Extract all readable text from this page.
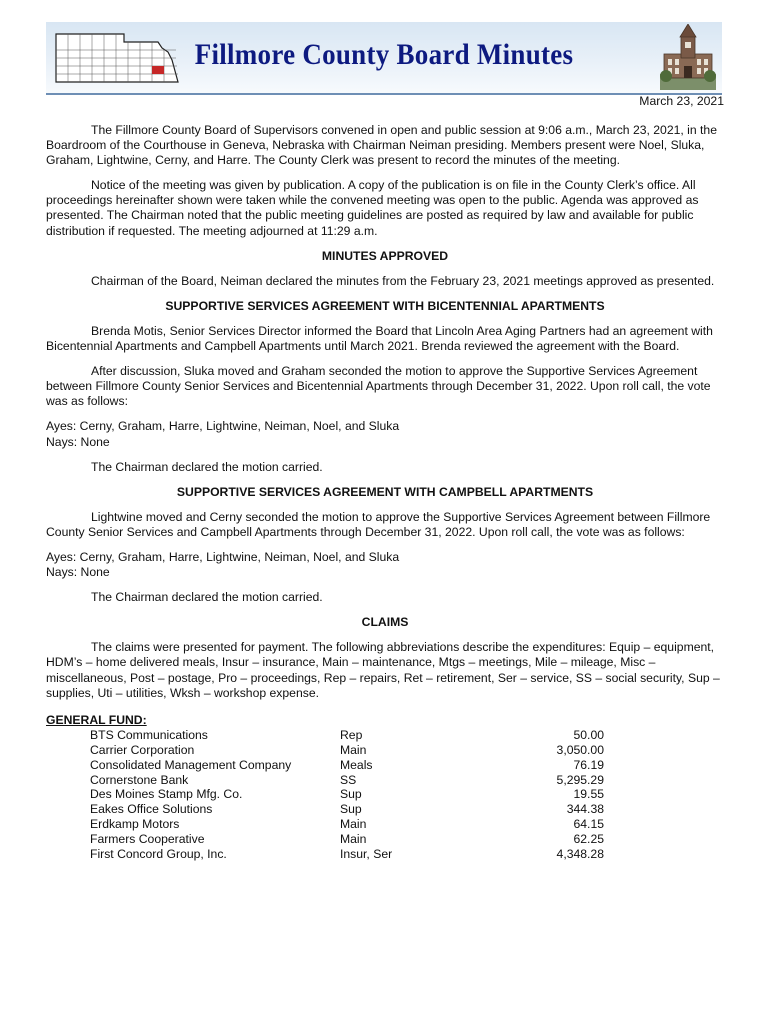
Fillmore County Board Minutes
March 23, 2021

The Fillmore County Board of Supervisors convened in open and public session at 9:06 a.m., March 23, 2021, in the Boardroom of the Courthouse in Geneva, Nebraska with Chairman Neiman presiding. Members present were Noel, Sluka, Graham, Lightwine, Cerny, and Harre. The County Clerk was present to record the minutes of the meeting.

Notice of the meeting was given by publication. A copy of the publication is on file in the County Clerk’s office. All proceedings hereinafter shown were taken while the convened meeting was open to the public. Agenda was approved as presented. The Chairman noted that the public meeting guidelines are posted as required by law and available for public distribution if requested. The meeting adjourned at 11:29 a.m.

MINUTES APPROVED

Chairman of the Board, Neiman declared the minutes from the February 23, 2021 meetings approved as presented.

SUPPORTIVE SERVICES AGREEMENT WITH BICENTENNIAL APARTMENTS

Brenda Motis, Senior Services Director informed the Board that Lincoln Area Aging Partners had an agreement with Bicentennial Apartments and Campbell Apartments until March 2021. Brenda reviewed the agreement with the Board.

After discussion, Sluka moved and Graham seconded the motion to approve the Supportive Services Agreement between Fillmore County Senior Services and Bicentennial Apartments through December 31, 2022. Upon roll call, the vote was as follows:

Ayes: Cerny, Graham, Harre, Lightwine, Neiman, Noel, and Sluka
Nays: None

The Chairman declared the motion carried.

SUPPORTIVE SERVICES AGREEMENT WITH CAMPBELL APARTMENTS

Lightwine moved and Cerny seconded the motion to approve the Supportive Services Agreement between Fillmore County Senior Services and Campbell Apartments through December 31, 2022. Upon roll call, the vote was as follows:

Ayes: Cerny, Graham, Harre, Lightwine, Neiman, Noel, and Sluka
Nays: None

The Chairman declared the motion carried.

CLAIMS

The claims were presented for payment. The following abbreviations describe the expenditures: Equip – equipment, HDM’s – home delivered meals, Insur – insurance, Main – maintenance, Mtgs – meetings, Mile – mileage, Misc – miscellaneous, Post – postage, Pro – proceedings, Rep – repairs, Ret – retirement, Ser – service, SS – social security, Sup – supplies, Uti – utilities, Wksh – workshop expense.

GENERAL FUND:
BTS Communications	Rep	50.00
Carrier Corporation	Main	3,050.00
Consolidated Management Company	Meals	76.19
Cornerstone Bank	SS	5,295.29
Des Moines Stamp Mfg. Co.	Sup	19.55
Eakes Office Solutions	Sup	344.38
Erdkamp Motors	Main	64.15
Farmers Cooperative	Main	62.25
First Concord Group, Inc.	Insur, Ser	4,348.28
